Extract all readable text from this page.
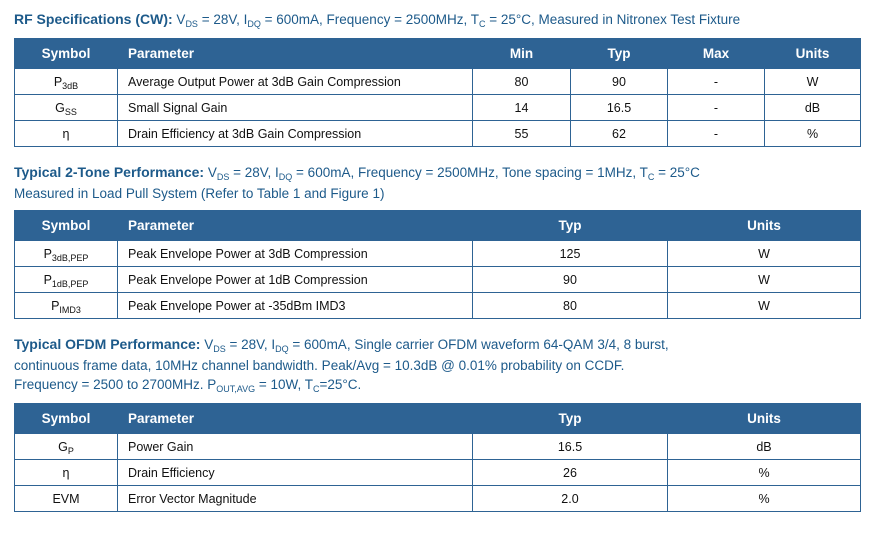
RF Specifications (CW): $V_{DS} = 28V$, $I_{DQ} = 600mA$, Frequency = 2500MHz, $T_C = 25^\circ C$, Measured in Nitronex Test Fixture

Symbol	Parameter	Min	Typ	Max	Units
$P_{3dB}$	Average Output Power at 3dB Gain Compression	80	90	-	W
$G_{SS}$	Small Signal Gain	14	16.5	-	dB
η	Drain Efficiency at 3dB Gain Compression	55	62	-	%

Typical 2-Tone Performance: $V_{DS} = 28V$, $I_{DQ} = 600mA$, Frequency = 2500MHz, Tone spacing = 1MHz, $T_C = 25^\circ C$
Measured in Load Pull System (Refer to Table 1 and Figure 1)

Symbol	Parameter	Typ	Units
$P_{3dB,PEP}$	Peak Envelope Power at 3dB Compression	125	W
$P_{1dB,PEP}$	Peak Envelope Power at 1dB Compression	90	W
$P_{IMD3}$	Peak Envelope Power at -35dBm IMD3	80	W

Typical OFDM Performance: $V_{DS} = 28V$, $I_{DQ} = 600mA$, Single carrier OFDM waveform 64-QAM 3/4, 8 burst,
continuous frame data, 10MHz channel bandwidth. Peak/Avg = 10.3dB @ 0.01% probability on CCDF.
Frequency = 2500 to 2700MHz. $P_{OUT,AVG} = 10W$, $T_C=25^\circ C$.

Symbol	Parameter	Typ	Units
$G_P$	Power Gain	16.5	dB
η	Drain Efficiency	26	%
EVM	Error Vector Magnitude	2.0	%
